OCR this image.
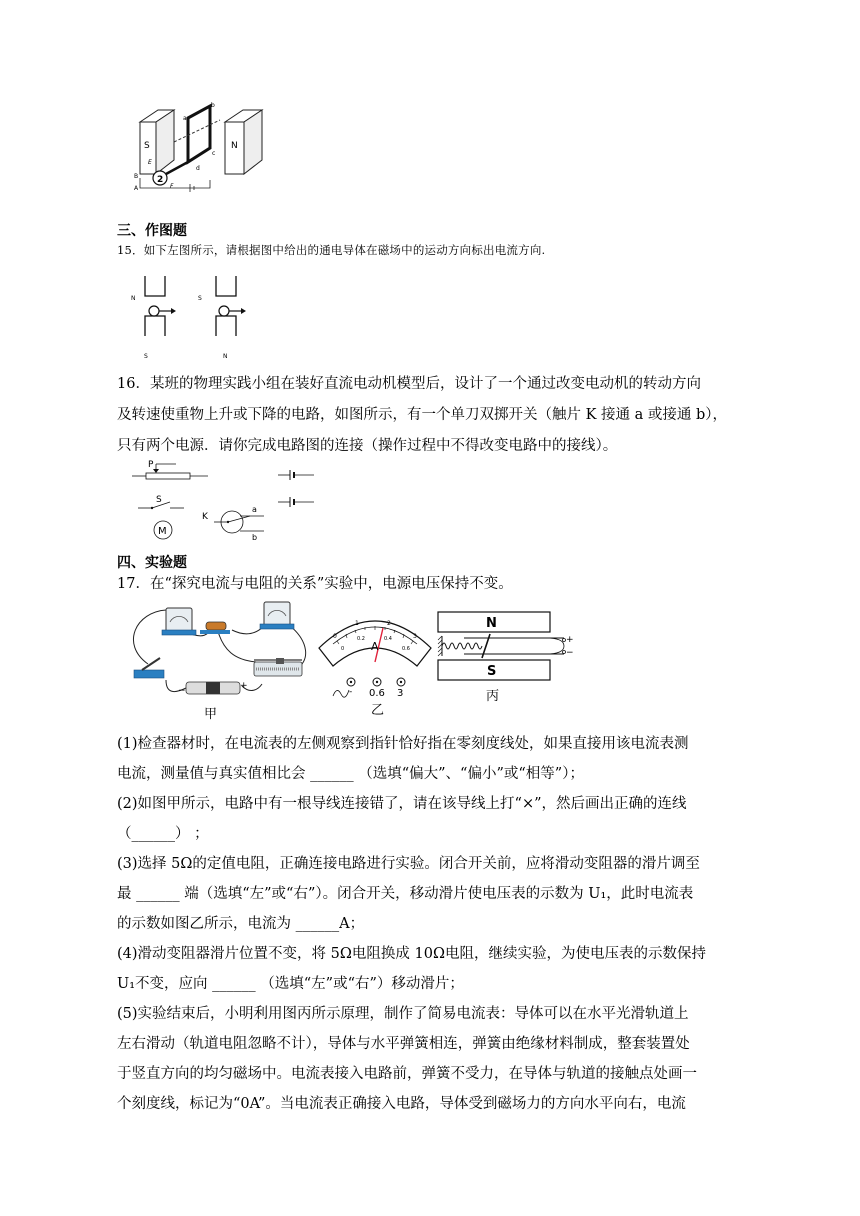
S	N
b
c
a
d
2
E
F
B
A
三、作图题
15．如下左图所示，请根据图中给出的通电导体在磁场中的运动方向标出电流方向.
N
S
S
N
16．某班的物理实践小组在装好直流电动机模型后，设计了一个通过改变电动机的转动方向
及转速使重物上升或下降的电路，如图所示，有一个单刀双掷开关（触片 K 接通 a 或接通 b），
只有两个电源．请你完成电路图的连接（操作过程中不得改变电路中的接线）。
P
S
M
K
a
b
四、实验题
17．在“探究电流与电阻的关系”实验中，电源电压保持不变。
−	+
甲
0
1	2
3
0
0.2	0.4
0.6
A
- 0.6 3
乙
N
S
+
−
丙
(1)检查器材时，在电流表的左侧观察到指针恰好指在零刻度线处，如果直接用该电流表测
电流，测量值与真实值相比会 ______ （选填“偏大”、“偏小”或“相等”）；
(2)如图甲所示，电路中有一根导线连接错了，请在该导线上打“×”，然后画出正确的连线
（______） ；
(3)选择 5Ω的定值电阻，正确连接电路进行实验。闭合开关前，应将滑动变阻器的滑片调至
最 ______ 端（选填“左”或“右”）。闭合开关，移动滑片使电压表的示数为 U₁，此时电流表
的示数如图乙所示，电流为 ______A；
(4)滑动变阻器滑片位置不变，将 5Ω电阻换成 10Ω电阻，继续实验，为使电压表的示数保持
U₁不变，应向 ______ （选填“左”或“右”）移动滑片；
(5)实验结束后，小明利用图丙所示原理，制作了简易电流表：导体可以在水平光滑轨道上
左右滑动（轨道电阻忽略不计），导体与水平弹簧相连，弹簧由绝缘材料制成，整套装置处
于竖直方向的均匀磁场中。电流表接入电路前，弹簧不受力，在导体与轨道的接触点处画一
个刻度线，标记为“0A”。当电流表正确接入电路，导体受到磁场力的方向水平向右，电流
